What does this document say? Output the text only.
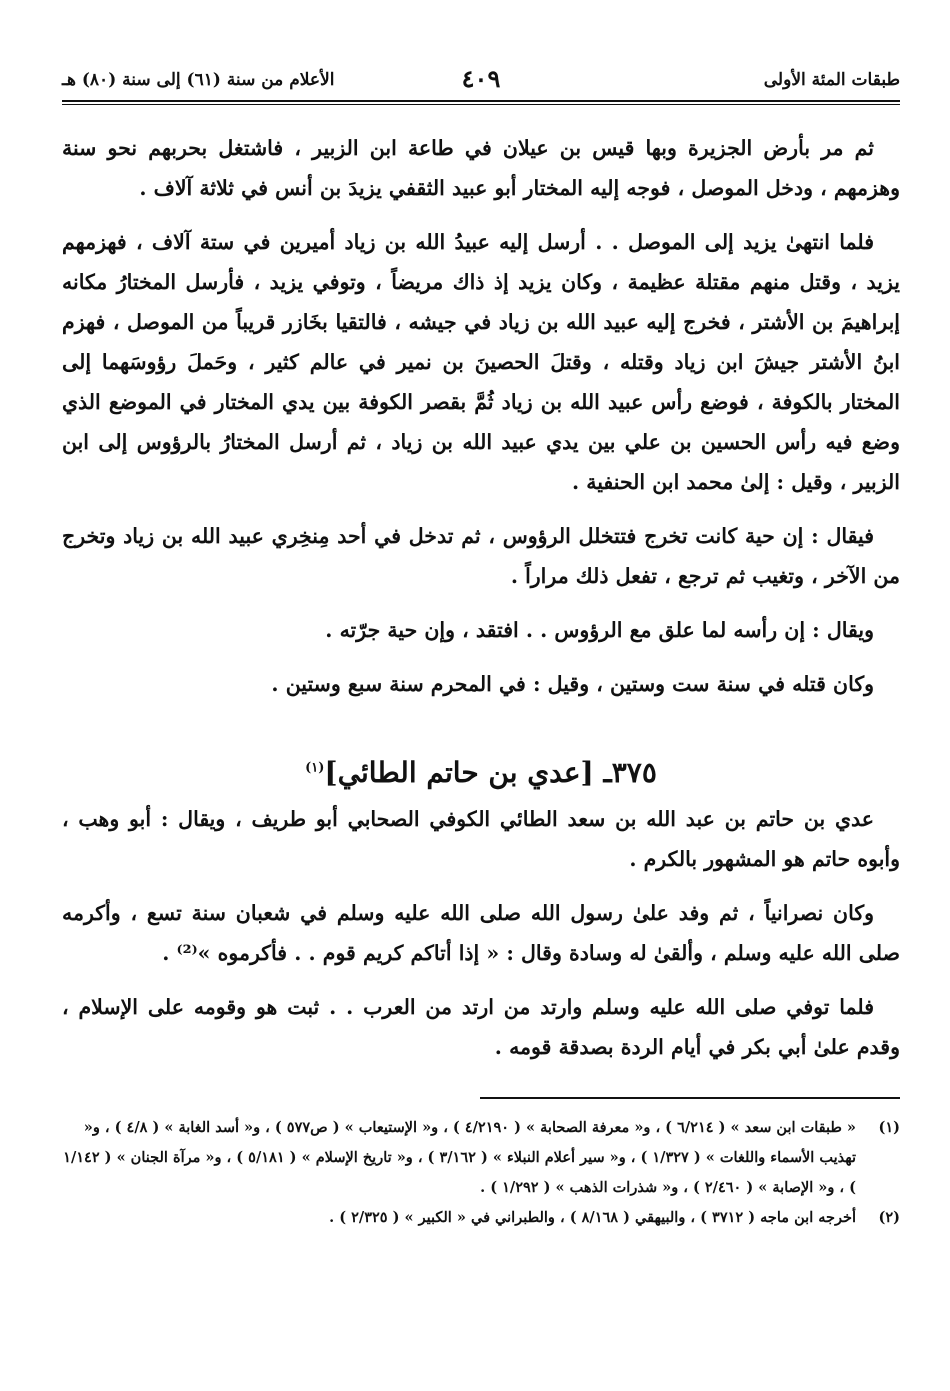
طبقات المئة الأولى
٤٠٩
الأعلام من سنة (٦١) إلى سنة (٨٠) هـ

ثم مر بأرض الجزيرة وبها قيس بن عيلان في طاعة ابن الزبير ، فاشتغل بحربهم نحو سنة وهزمهم ، ودخل الموصل ، فوجه إليه المختار أبو عبيد الثقفي يزيدَ بن أنس في ثلاثة آلاف .

فلما انتهىٰ يزيد إلى الموصل . . أرسل إليه عبيدُ الله بن زياد أميرين في ستة آلاف ، فهزمهم يزيد ، وقتل منهم مقتلة عظيمة ، وكان يزيد إذ ذاك مريضاً ، وتوفي يزيد ، فأرسل المختارُ مكانه إبراهيمَ بن الأشتر ، فخرج إليه عبيد الله بن زياد في جيشه ، فالتقيا بخَازر قريباً من الموصل ، فهزم ابنُ الأشتر جيشَ ابن زياد وقتله ، وقتلَ الحصينَ بن نمير في عالم كثير ، وحَملَ رؤوسَهما إلى المختار بالكوفة ، فوضع رأس عبيد الله بن زياد ثُمَّ بقصر الكوفة بين يدي المختار في الموضع الذي وضع فيه رأس الحسين بن علي بين يدي عبيد الله بن زياد ، ثم أرسل المختارُ بالرؤوس إلى ابن الزبير ، وقيل : إلىٰ محمد ابن الحنفية .

فيقال : إن حية كانت تخرج فتتخلل الرؤوس ، ثم تدخل في أحد مِنخِري عبيد الله بن زياد وتخرج من الآخر ، وتغيب ثم ترجع ، تفعل ذلك مراراً .

ويقال : إن رأسه لما علق مع الرؤوس . . افتقد ، وإن حية جرّته .

وكان قتله في سنة ست وستين ، وقيل : في المحرم سنة سبع وستين .

٣٧٥ـ [عدي بن حاتم الطائي]$^{(١)}$

عدي بن حاتم بن عبد الله بن سعد الطائي الكوفي الصحابي أبو طريف ، ويقال : أبو وهب ، وأبوه حاتم هو المشهور بالكرم .

وكان نصرانياً ، ثم وفد علىٰ رسول الله صلى الله عليه وسلم في شعبان سنة تسع ، وأكرمه صلى الله عليه وسلم ، وألقىٰ له وسادة وقال : « إذا أتاكم كريم قوم . . فأكرموه »⁽²⁾ .

فلما توفي صلى الله عليه وسلم وارتد من ارتد من العرب . . ثبت هو وقومه على الإسلام ، وقدم علىٰ أبي بكر في أيام الردة بصدقة قومه .

(١)
« طبقات ابن سعد » ( ٦/٢١٤ ) ، و« معرفة الصحابة » ( ٤/٢١٩٠ ) ، و« الإستيعاب » ( ص٥٧٧ ) ، و« أسد الغابة » ( ٤/٨ ) ، و« تهذيب الأسماء واللغات » ( ١/٣٢٧ ) ، و« سير أعلام النبلاء » ( ٣/١٦٢ ) ، و« تاريخ الإسلام » ( ٥/١٨١ ) ، و« مرآة الجنان » ( ١/١٤٢ ) ، و« الإصابة » ( ٢/٤٦٠ ) ، و« شذرات الذهب » ( ١/٢٩٢ ) .
(٢)
أخرجه ابن ماجه ( ٣٧١٢ ) ، والبيهقي ( ٨/١٦٨ ) ، والطبراني في « الكبير » ( ٢/٣٢٥ ) .
